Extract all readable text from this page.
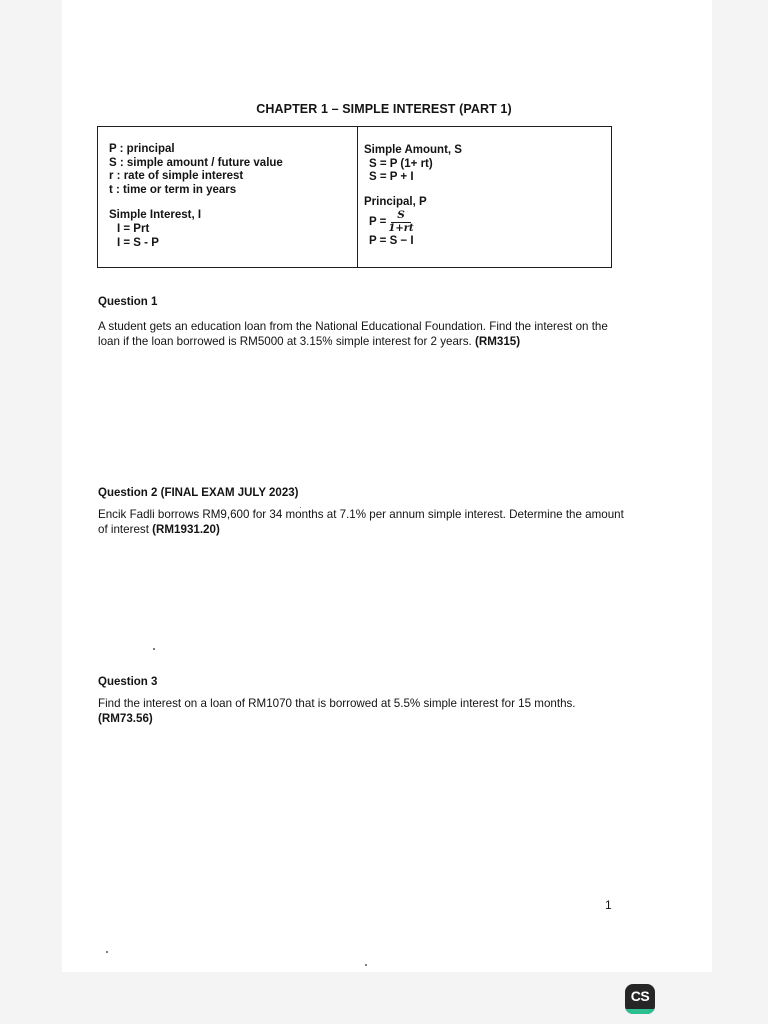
CHAPTER 1 – SIMPLE INTEREST (PART 1)
P : principal
S : simple amount / future value
r : rate of simple interest
t : time or term in years
Simple Interest, I
I = Prt
I = S - P
Simple Amount, S
S = P (1+ rt)
S = P + I
Principal, P
$P = \frac{S}{1+rt}$
P = S − I
Question 1
A student gets an education loan from the National Educational Foundation. Find the interest on the loan if the loan borrowed is RM5000 at 3.15% simple interest for 2 years. (RM315)
Question 2 (FINAL EXAM JULY 2023)
Encik Fadli borrows RM9,600 for 34 months at 7.1% per annum simple interest. Determine the amount of interest (RM1931.20)
Question 3
Find the interest on a loan of RM1070 that is borrowed at 5.5% simple interest for 15 months. (RM73.56)
1
CS
